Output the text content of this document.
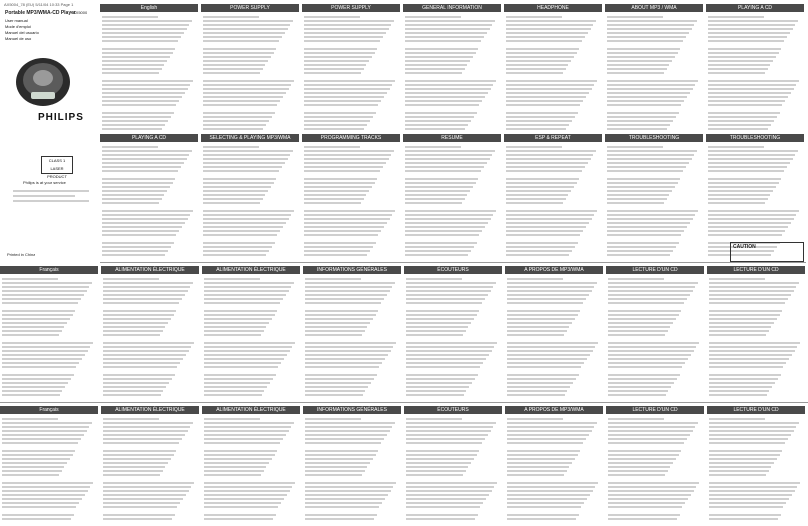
AX5004_78 (EU) 5/11/04 10:33 Page 1
Portable MP3/WMA-CD Player
AX5000
User manual
Mode d'emploi
Manuel del usuario
Manuel de uso
PHILIPS
CLASS 1 LASER PRODUCT
Philips is at your service
Printed in China
English	POWER SUPPLY	POWER SUPPLY	GENERAL INFORMATION	HEADPHONE	ABOUT MP3 / WMA	PLAYING A CD
PLAYING A CD	SELECTING & PLAYING MP3/WMA	PROGRAMMING TRACKS	RESUME	ESP & REPEAT	TROUBLESHOOTING	TROUBLESHOOTING
Français	ALIMENTATION ÉLECTRIQUE	ALIMENTATION ÉLECTRIQUE	INFORMATIONS GÉNÉRALES	ÉCOUTEURS	A PROPOS DE MP3/WMA	LECTURE D'UN CD	LECTURE D'UN CD
Français	ALIMENTATION ÉLECTRIQUE	ALIMENTATION ÉLECTRIQUE	INFORMATIONS GÉNÉRALES	ÉCOUTEURS	A PROPOS DE MP3/WMA	LECTURE D'UN CD	LECTURE D'UN CD
CAUTION
